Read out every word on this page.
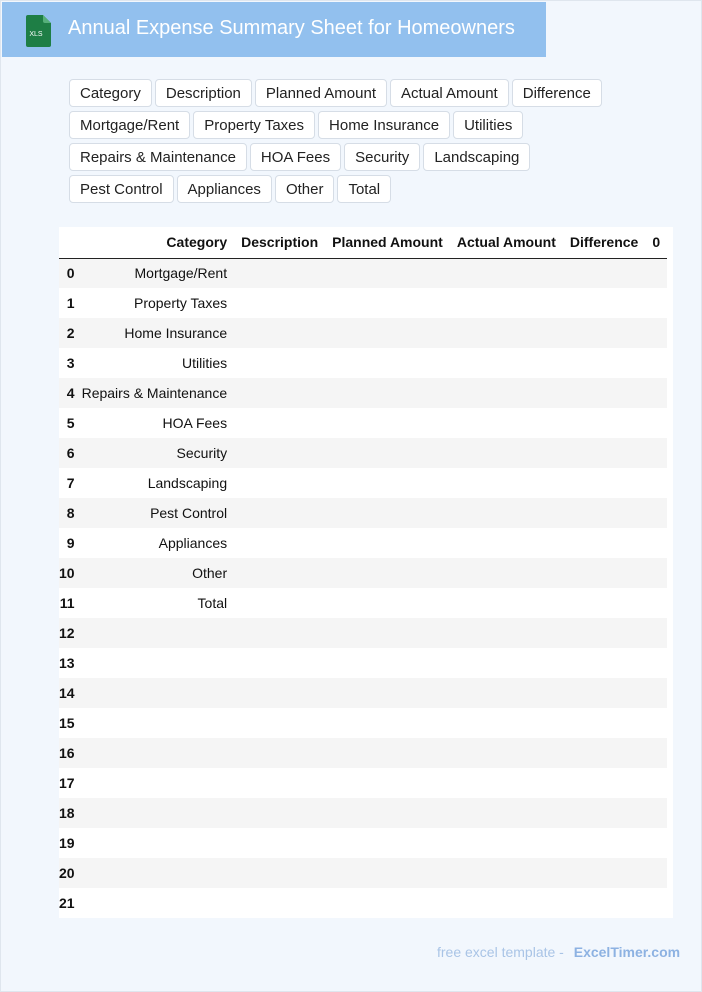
XLS Annual Expense Summary Sheet for Homeowners
Category	Description	Planned Amount	Actual Amount	Difference
Mortgage/Rent	Property Taxes	Home Insurance	Utilities
Repairs & Maintenance	HOA Fees	Security	Landscaping
Pest Control	Appliances	Other	Total
	Category	Description	Planned Amount	Actual Amount	Difference	0
0	Mortgage/Rent					
1	Property Taxes					
2	Home Insurance					
3	Utilities					
4	Repairs & Maintenance					
5	HOA Fees					
6	Security					
7	Landscaping					
8	Pest Control					
9	Appliances					
10	Other					
11	Total					
12						
13						
14						
15						
16						
17						
18						
19						
20						
21						
free excel template - ExcelTimer.com
